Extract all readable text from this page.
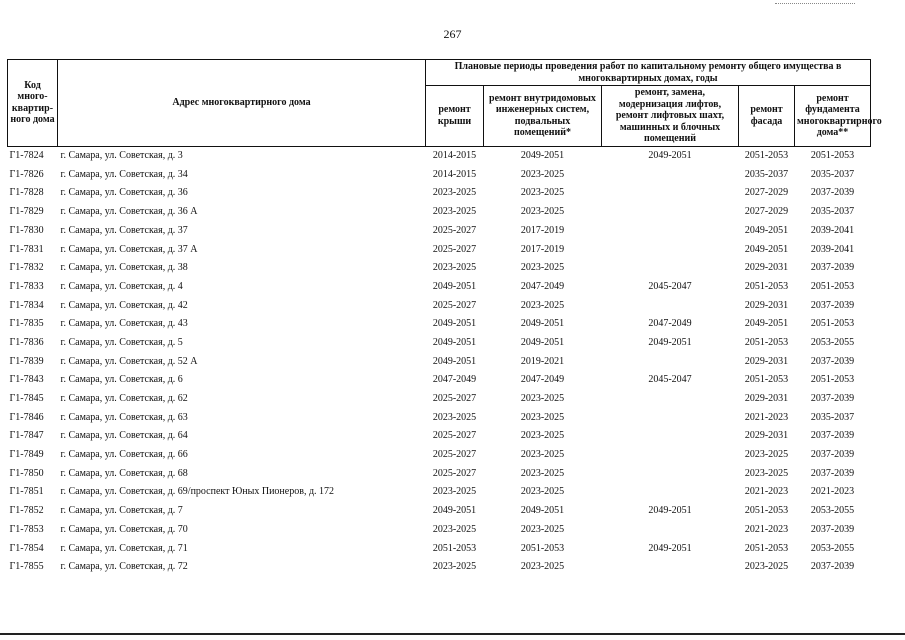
267
Код много-квартир-ного дома	Адрес многоквартирного дома	Плановые периоды проведения работ по капитальному ремонту общего имущества в многоквартирных домах, годы				
		ремонт крыши	ремонт внутридомовых инженерных систем, подвальных помещений*	ремонт, замена, модернизация лифтов, ремонт лифтовых шахт, машинных и блочных помещений	ремонт фасада	ремонт фундамента многоквартирного дома**
Г1-7824	г. Самара, ул. Советская, д. 3	2014-2015	2049-2051	2049-2051	2051-2053	2051-2053
Г1-7826	г. Самара, ул. Советская, д. 34	2014-2015	2023-2025		2035-2037	2035-2037
Г1-7828	г. Самара, ул. Советская, д. 36	2023-2025	2023-2025		2027-2029	2037-2039
Г1-7829	г. Самара, ул. Советская, д. 36 А	2023-2025	2023-2025		2027-2029	2035-2037
Г1-7830	г. Самара, ул. Советская, д. 37	2025-2027	2017-2019		2049-2051	2039-2041
Г1-7831	г. Самара, ул. Советская, д. 37 А	2025-2027	2017-2019		2049-2051	2039-2041
Г1-7832	г. Самара, ул. Советская, д. 38	2023-2025	2023-2025		2029-2031	2037-2039
Г1-7833	г. Самара, ул. Советская, д. 4	2049-2051	2047-2049	2045-2047	2051-2053	2051-2053
Г1-7834	г. Самара, ул. Советская, д. 42	2025-2027	2023-2025		2029-2031	2037-2039
Г1-7835	г. Самара, ул. Советская, д. 43	2049-2051	2049-2051	2047-2049	2049-2051	2051-2053
Г1-7836	г. Самара, ул. Советская, д. 5	2049-2051	2049-2051	2049-2051	2051-2053	2053-2055
Г1-7839	г. Самара, ул. Советская, д. 52 А	2049-2051	2019-2021		2029-2031	2037-2039
Г1-7843	г. Самара, ул. Советская, д. 6	2047-2049	2047-2049	2045-2047	2051-2053	2051-2053
Г1-7845	г. Самара, ул. Советская, д. 62	2025-2027	2023-2025		2029-2031	2037-2039
Г1-7846	г. Самара, ул. Советская, д. 63	2023-2025	2023-2025		2021-2023	2035-2037
Г1-7847	г. Самара, ул. Советская, д. 64	2025-2027	2023-2025		2029-2031	2037-2039
Г1-7849	г. Самара, ул. Советская, д. 66	2025-2027	2023-2025		2023-2025	2037-2039
Г1-7850	г. Самара, ул. Советская, д. 68	2025-2027	2023-2025		2023-2025	2037-2039
Г1-7851	г. Самара, ул. Советская, д. 69/проспект Юных Пионеров, д. 172	2023-2025	2023-2025		2021-2023	2021-2023
Г1-7852	г. Самара, ул. Советская, д. 7	2049-2051	2049-2051	2049-2051	2051-2053	2053-2055
Г1-7853	г. Самара, ул. Советская, д. 70	2023-2025	2023-2025		2021-2023	2037-2039
Г1-7854	г. Самара, ул. Советская, д. 71	2051-2053	2051-2053	2049-2051	2051-2053	2053-2055
Г1-7855	г. Самара, ул. Советская, д. 72	2023-2025	2023-2025		2023-2025	2037-2039
